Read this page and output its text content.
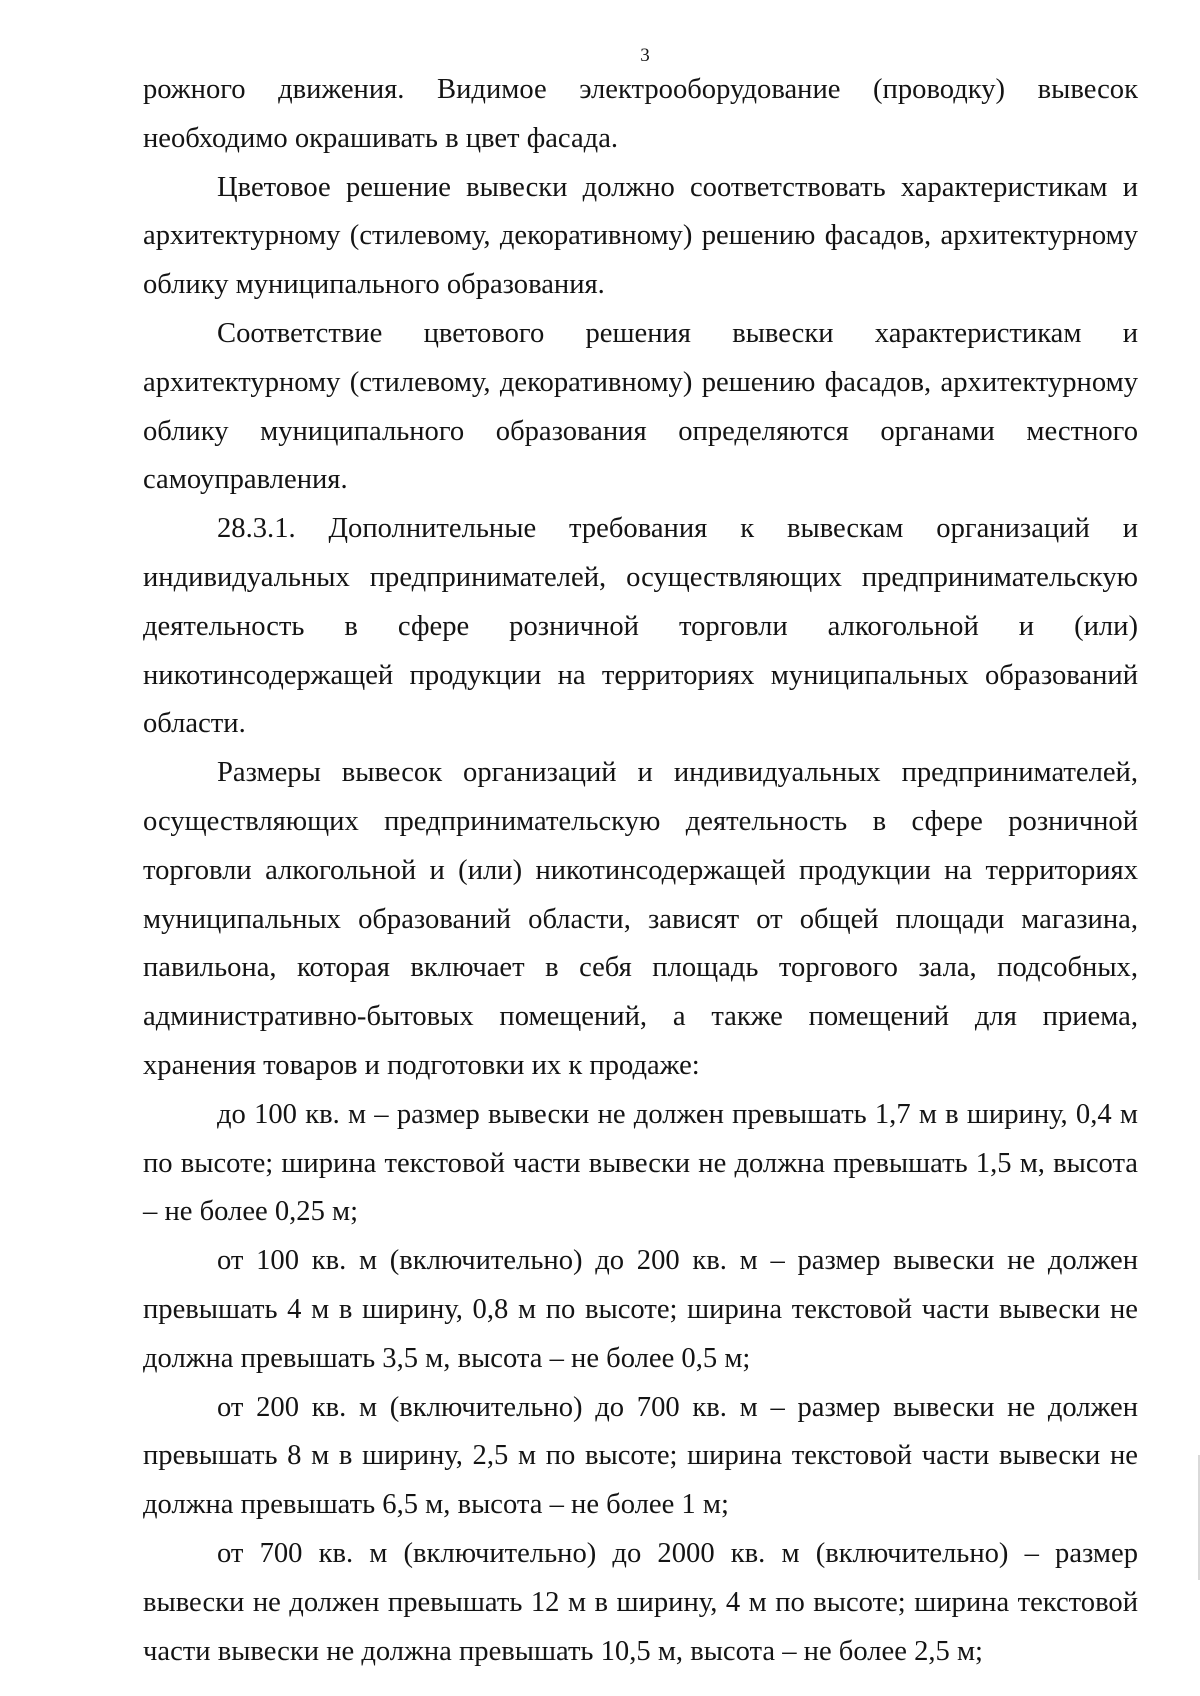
3

рожного движения. Видимое электрооборудование (проводку) вывесок необходимо окрашивать в цвет фасада.

Цветовое решение вывески должно соответствовать характеристикам и архитектурному (стилевому, декоративному) решению фасадов, архитектурному облику муниципального образования.

Соответствие цветового решения вывески характеристикам и архитектурному (стилевому, декоративному) решению фасадов, архитектурному облику муниципального образования определяются органами местного самоуправления.

28.3.1. Дополнительные требования к вывескам организаций и индивидуальных предпринимателей, осуществляющих предпринимательскую деятельность в сфере розничной торговли алкогольной и (или) никотинсодержащей продукции на территориях муниципальных образований области.

Размеры вывесок организаций и индивидуальных предпринимателей, осуществляющих предпринимательскую деятельность в сфере розничной торговли алкогольной и (или) никотинсодержащей продукции на территориях муниципальных образований области, зависят от общей площади магазина, павильона, которая включает в себя площадь торгового зала, подсобных, административно-бытовых помещений, а также помещений для приема, хранения товаров и подготовки их к продаже:

до 100 кв. м – размер вывески не должен превышать 1,7 м в ширину, 0,4 м по высоте; ширина текстовой части вывески не должна превышать 1,5 м, высота – не более 0,25 м;

от 100 кв. м (включительно) до 200 кв. м – размер вывески не должен превышать 4 м в ширину, 0,8 м по высоте; ширина текстовой части вывески не должна превышать 3,5 м, высота – не более 0,5 м;

от 200 кв. м (включительно) до 700 кв. м – размер вывески не должен превышать 8 м в ширину, 2,5 м по высоте; ширина текстовой части вывески не должна превышать 6,5 м, высота – не более 1 м;

от 700 кв. м (включительно) до 2000 кв. м (включительно) – размер вывески не должен превышать 12 м в ширину, 4 м по высоте; ширина текстовой части вывески не должна превышать 10,5 м, высота – не более 2,5 м;
